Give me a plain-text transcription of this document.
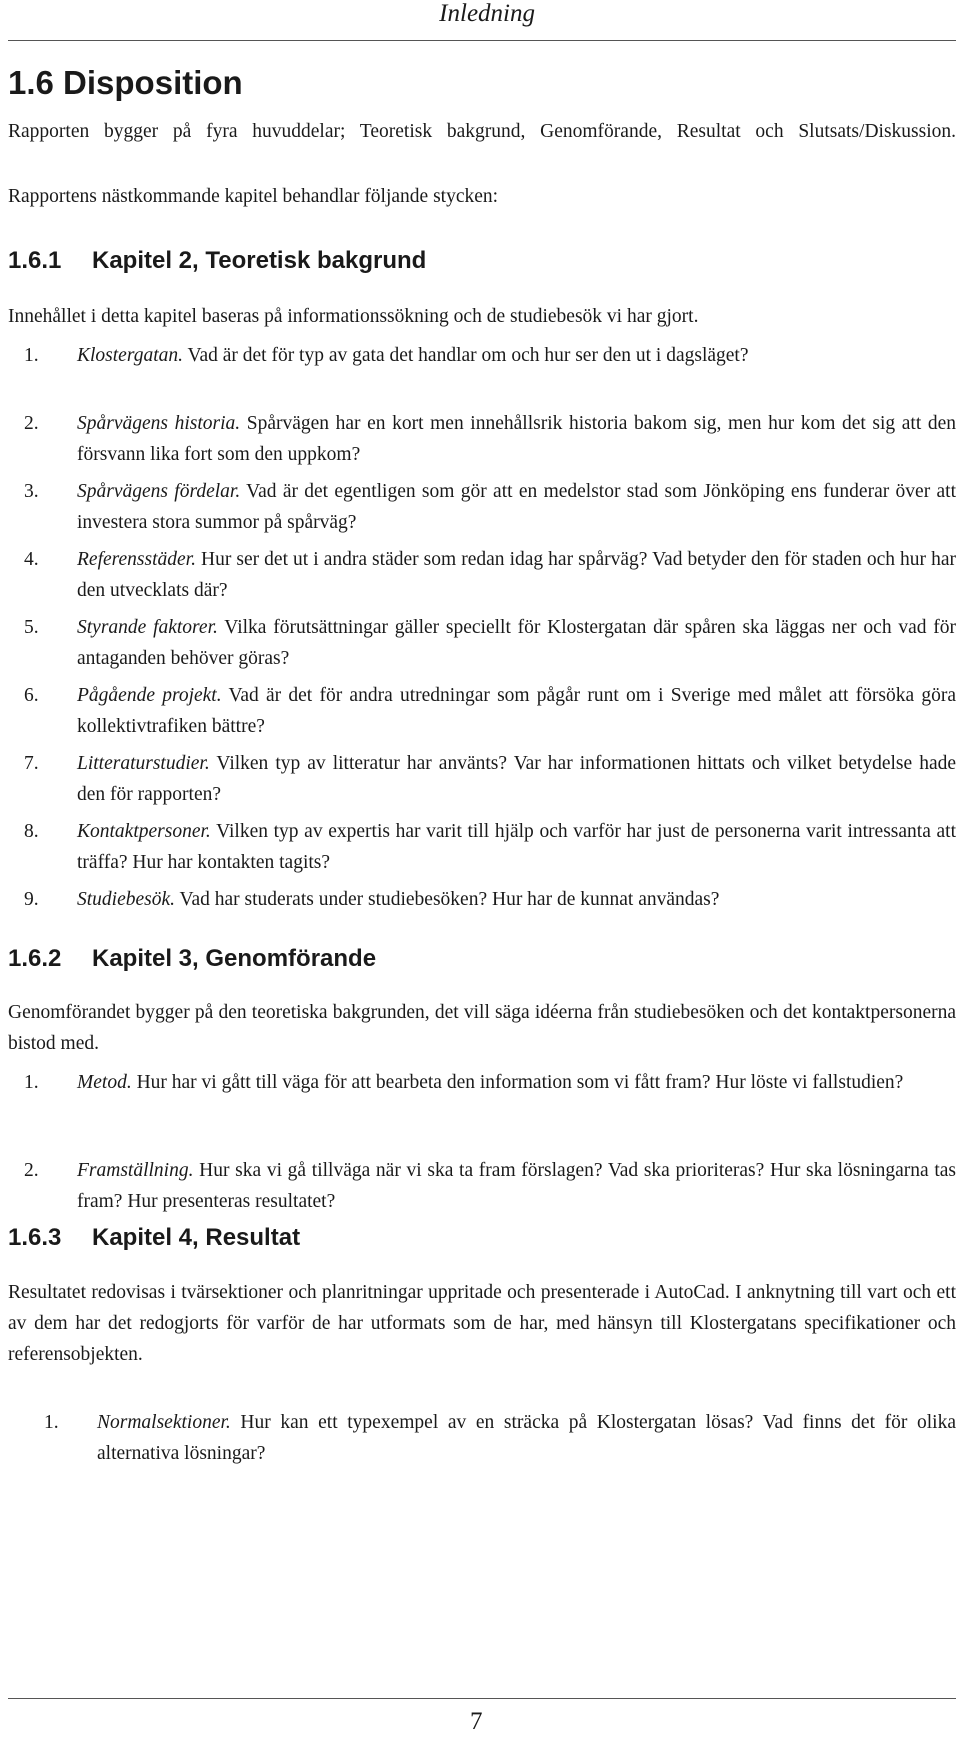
Inledning
1.6 Disposition
Rapporten bygger på fyra huvuddelar; Teoretisk bakgrund, Genomförande, Resultat och Slutsats/Diskussion.
Rapportens nästkommande kapitel behandlar följande stycken:
1.6.1 Kapitel 2, Teoretisk bakgrund
Innehållet i detta kapitel baseras på informationssökning och de studiebesök vi har gjort.
1.	Klostergatan. Vad är det för typ av gata det handlar om och hur ser den ut i dagsläget?
2.	Spårvägens historia. Spårvägen har en kort men innehållsrik historia bakom sig, men hur kom det sig att den försvann lika fort som den uppkom?
3.	Spårvägens fördelar. Vad är det egentligen som gör att en medelstor stad som Jönköping ens funderar över att investera stora summor på spårväg?
4.	Referensstäder. Hur ser det ut i andra städer som redan idag har spårväg? Vad betyder den för staden och hur har den utvecklats där?
5.	Styrande faktorer. Vilka förutsättningar gäller speciellt för Klostergatan där spåren ska läggas ner och vad för antaganden behöver göras?
6.	Pågående projekt. Vad är det för andra utredningar som pågår runt om i Sverige med målet att försöka göra kollektivtrafiken bättre?
7.	Litteraturstudier. Vilken typ av litteratur har använts? Var har informationen hittats och vilket betydelse hade den för rapporten?
8.	Kontaktpersoner. Vilken typ av expertis har varit till hjälp och varför har just de personerna varit intressanta att träffa? Hur har kontakten tagits?
9.	Studiebesök. Vad har studerats under studiebesöken? Hur har de kunnat användas?
1.6.2 Kapitel 3, Genomförande
Genomförandet bygger på den teoretiska bakgrunden, det vill säga idéerna från studiebesöken och det kontaktpersonerna bistod med.
1.	Metod. Hur har vi gått till väga för att bearbeta den information som vi fått fram? Hur löste vi fallstudien?
2.	Framställning. Hur ska vi gå tillväga när vi ska ta fram förslagen? Vad ska prioriteras? Hur ska lösningarna tas fram? Hur presenteras resultatet?
1.6.3 Kapitel 4, Resultat
Resultatet redovisas i tvärsektioner och planritningar uppritade och presenterade i AutoCad. I anknytning till vart och ett av dem har det redogjorts för varför de har utformats som de har, med hänsyn till Klostergatans specifikationer och referensobjekten.
1.	Normalsektioner. Hur kan ett typexempel av en sträcka på Klostergatan lösas? Vad finns det för olika alternativa lösningar?
7
